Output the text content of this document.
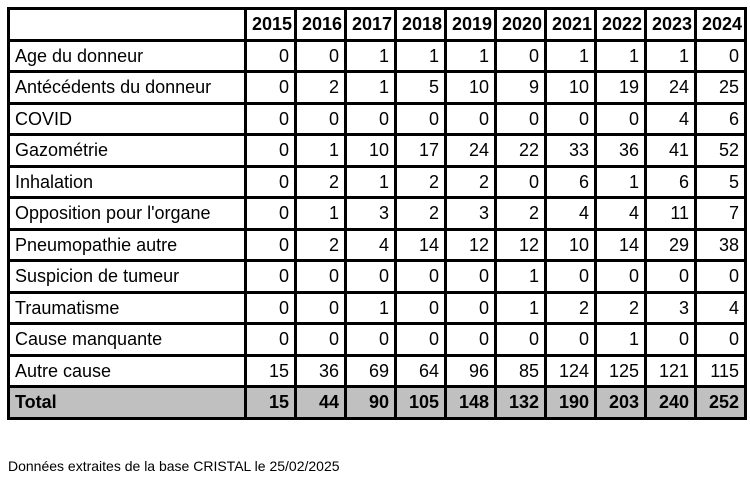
	2015	2016	2017	2018	2019	2020	2021	2022	2023	2024
Age du donneur	0	0	1	1	1	0	1	1	1	0
Antécédents du donneur	0	2	1	5	10	9	10	19	24	25
COVID	0	0	0	0	0	0	0	0	4	6
Gazométrie	0	1	10	17	24	22	33	36	41	52
Inhalation	0	2	1	2	2	0	6	1	6	5
Opposition pour l'organe	0	1	3	2	3	2	4	4	11	7
Pneumopathie autre	0	2	4	14	12	12	10	14	29	38
Suspicion de tumeur	0	0	0	0	0	1	0	0	0	0
Traumatisme	0	0	1	0	0	1	2	2	3	4
Cause manquante	0	0	0	0	0	0	0	1	0	0
Autre cause	15	36	69	64	96	85	124	125	121	115
Total	15	44	90	105	148	132	190	203	240	252
Données extraites de la base CRISTAL le 25/02/2025
